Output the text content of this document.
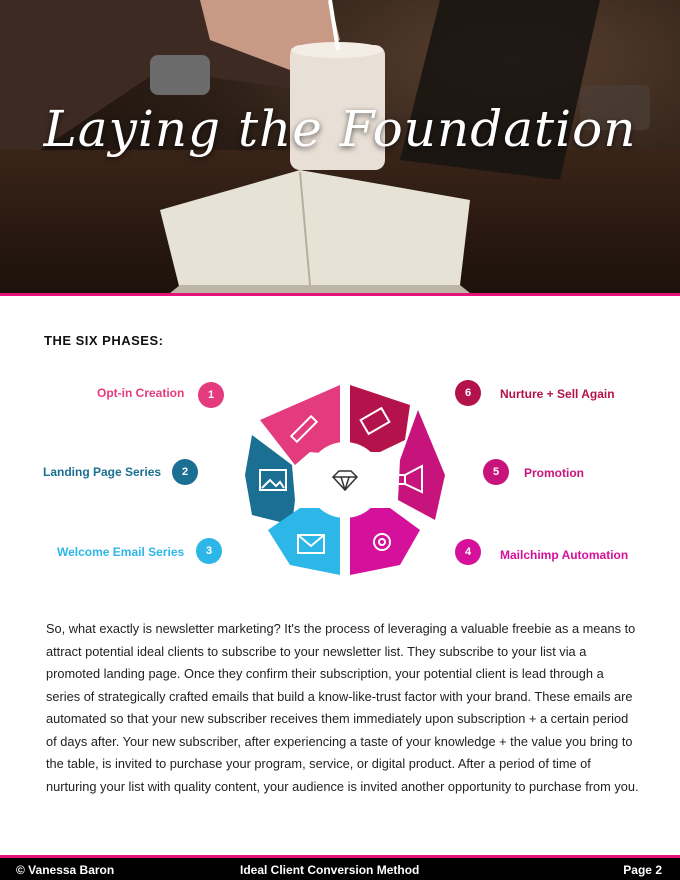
Laying the Foundation
THE SIX PHASES:
Opt-in Creation	1
Landing Page Series	2
Welcome Email Series	3
6	Nurture + Sell Again
5	Promotion
4	Mailchimp Automation
So, what exactly is newsletter marketing? It's the process of leveraging a valuable freebie as a means to attract potential ideal clients to subscribe to your newsletter list. They subscribe to your list via a promoted landing page. Once they confirm their subscription, your potential client is lead through a series of strategically crafted emails that build a know-like-trust factor with your brand. These emails are automated so that your new subscriber receives them immediately upon subscription + a certain period of days after. Your new subscriber, after experiencing a taste of your knowledge + the value you bring to the table, is invited to purchase your program, service, or digital product. After a period of time of nurturing your list with quality content, your audience is invited another opportunity to purchase from you.
© Vanessa Baron	Ideal Client Conversion Method	Page 2
